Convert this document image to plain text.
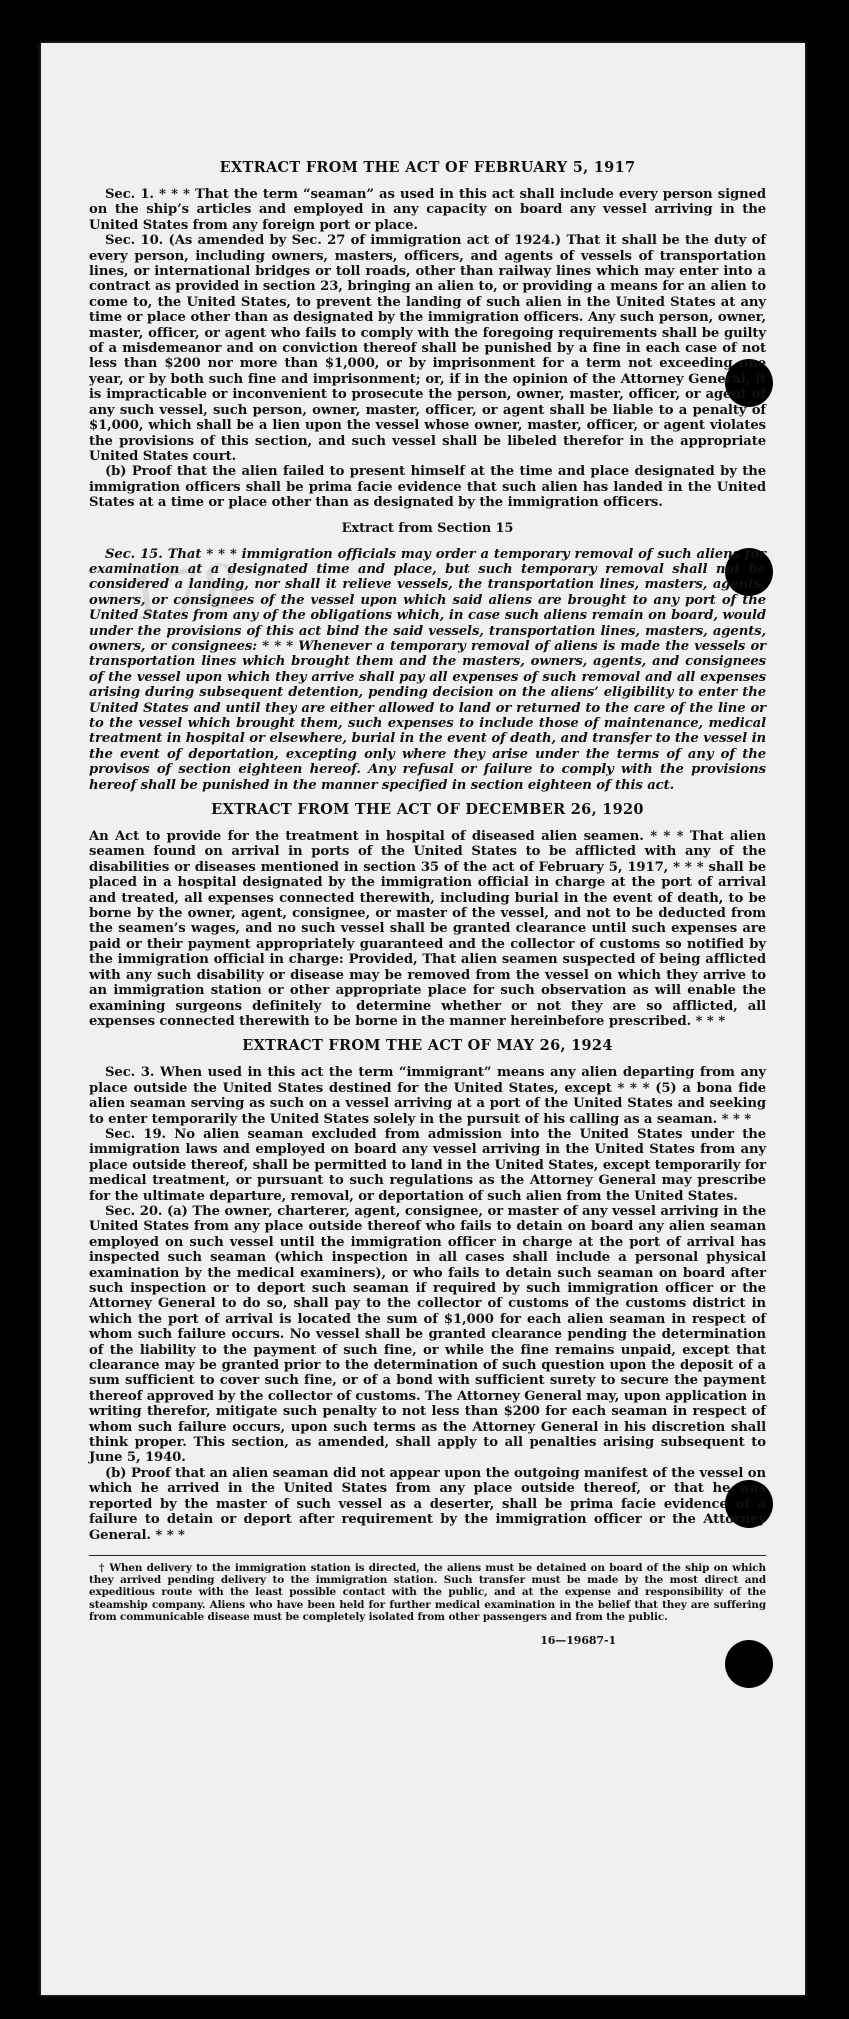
178
EXTRACT FROM THE ACT OF FEBRUARY 5, 1917

Sec. 1. * * * That the term “seaman” as used in this act shall include every person signed on the ship’s articles and employed in any capacity on board any vessel arriving in the United States from any foreign port or place.

Sec. 10. (As amended by Sec. 27 of immigration act of 1924.) That it shall be the duty of every person, including owners, masters, officers, and agents of vessels of transportation lines, or international bridges or toll roads, other than railway lines which may enter into a contract as provided in section 23, bringing an alien to, or providing a means for an alien to come to, the United States, to prevent the landing of such alien in the United States at any time or place other than as designated by the immigration officers. Any such person, owner, master, officer, or agent who fails to comply with the foregoing requirements shall be guilty of a misdemeanor and on conviction thereof shall be punished by a fine in each case of not less than $200 nor more than $1,000, or by imprisonment for a term not exceeding one year, or by both such fine and imprisonment; or, if in the opinion of the Attorney General, it is impracticable or inconvenient to prosecute the person, owner, master, officer, or agent of any such vessel, such person, owner, master, officer, or agent shall be liable to a penalty of $1,000, which shall be a lien upon the vessel whose owner, master, officer, or agent violates the provisions of this section, and such vessel shall be libeled therefor in the appropriate United States court.

(b) Proof that the alien failed to present himself at the time and place designated by the immigration officers shall be prima facie evidence that such alien has landed in the United States at a time or place other than as designated by the immigration officers.

Extract from Section 15

Sec. 15. That * * * immigration officials may order a temporary removal of such aliens for examination at a designated time and place, but such temporary removal shall not be considered a landing, nor shall it relieve vessels, the transportation lines, masters, agents, owners, or consignees of the vessel upon which said aliens are brought to any port of the United States from any of the obligations which, in case such aliens remain on board, would under the provisions of this act bind the said vessels, transportation lines, masters, agents, owners, or consignees: * * * Whenever a temporary removal of aliens is made the vessels or transportation lines which brought them and the masters, owners, agents, and consignees of the vessel upon which they arrive shall pay all expenses of such removal and all expenses arising during subsequent detention, pending decision on the aliens’ eligibility to enter the United States and until they are either allowed to land or returned to the care of the line or to the vessel which brought them, such expenses to include those of maintenance, medical treatment in hospital or elsewhere, burial in the event of death, and transfer to the vessel in the event of deportation, excepting only where they arise under the terms of any of the provisos of section eighteen hereof. Any refusal or failure to comply with the provisions hereof shall be punished in the manner specified in section eighteen of this act.

EXTRACT FROM THE ACT OF DECEMBER 26, 1920

An Act to provide for the treatment in hospital of diseased alien seamen. * * * That alien seamen found on arrival in ports of the United States to be afflicted with any of the disabilities or diseases mentioned in section 35 of the act of February 5, 1917, * * * shall be placed in a hospital designated by the immigration official in charge at the port of arrival and treated, all expenses connected therewith, including burial in the event of death, to be borne by the owner, agent, consignee, or master of the vessel, and not to be deducted from the seamen’s wages, and no such vessel shall be granted clearance until such expenses are paid or their payment appropriately guaranteed and the collector of customs so notified by the immigration official in charge: Provided, That alien seamen suspected of being afflicted with any such disability or disease may be removed from the vessel on which they arrive to an immigration station or other appropriate place for such observation as will enable the examining surgeons definitely to determine whether or not they are so afflicted, all expenses connected therewith to be borne in the manner hereinbefore prescribed. * * *

EXTRACT FROM THE ACT OF MAY 26, 1924

Sec. 3. When used in this act the term “immigrant” means any alien departing from any place outside the United States destined for the United States, except * * * (5) a bona fide alien seaman serving as such on a vessel arriving at a port of the United States and seeking to enter temporarily the United States solely in the pursuit of his calling as a seaman. * * *

Sec. 19. No alien seaman excluded from admission into the United States under the immigration laws and employed on board any vessel arriving in the United States from any place outside thereof, shall be permitted to land in the United States, except temporarily for medical treatment, or pursuant to such regulations as the Attorney General may prescribe for the ultimate departure, removal, or deportation of such alien from the United States.

Sec. 20. (a) The owner, charterer, agent, consignee, or master of any vessel arriving in the United States from any place outside thereof who fails to detain on board any alien seaman employed on such vessel until the immigration officer in charge at the port of arrival has inspected such seaman (which inspection in all cases shall include a personal physical examination by the medical examiners), or who fails to detain such seaman on board after such inspection or to deport such seaman if required by such immigration officer or the Attorney General to do so, shall pay to the collector of customs of the customs district in which the port of arrival is located the sum of $1,000 for each alien seaman in respect of whom such failure occurs. No vessel shall be granted clearance pending the determination of the liability to the payment of such fine, or while the fine remains unpaid, except that clearance may be granted prior to the determination of such question upon the deposit of a sum sufficient to cover such fine, or of a bond with sufficient surety to secure the payment thereof approved by the collector of customs. The Attorney General may, upon application in writing therefor, mitigate such penalty to not less than $200 for each seaman in respect of whom such failure occurs, upon such terms as the Attorney General in his discretion shall think proper. This section, as amended, shall apply to all penalties arising subsequent to June 5, 1940.

(b) Proof that an alien seaman did not appear upon the outgoing manifest of the vessel on which he arrived in the United States from any place outside thereof, or that he was reported by the master of such vessel as a deserter, shall be prima facie evidence of a failure to detain or deport after requirement by the immigration officer or the Attorney General. * * *

† When delivery to the immigration station is directed, the aliens must be detained on board of the ship on which they arrived pending delivery to the immigration station. Such transfer must be made by the most direct and expeditious route with the least possible contact with the public, and at the expense and responsibility of the steamship company. Aliens who have been held for further medical examination in the belief that they are suffering from communicable disease must be completely isolated from other passengers and from the public.

16—19687-1
